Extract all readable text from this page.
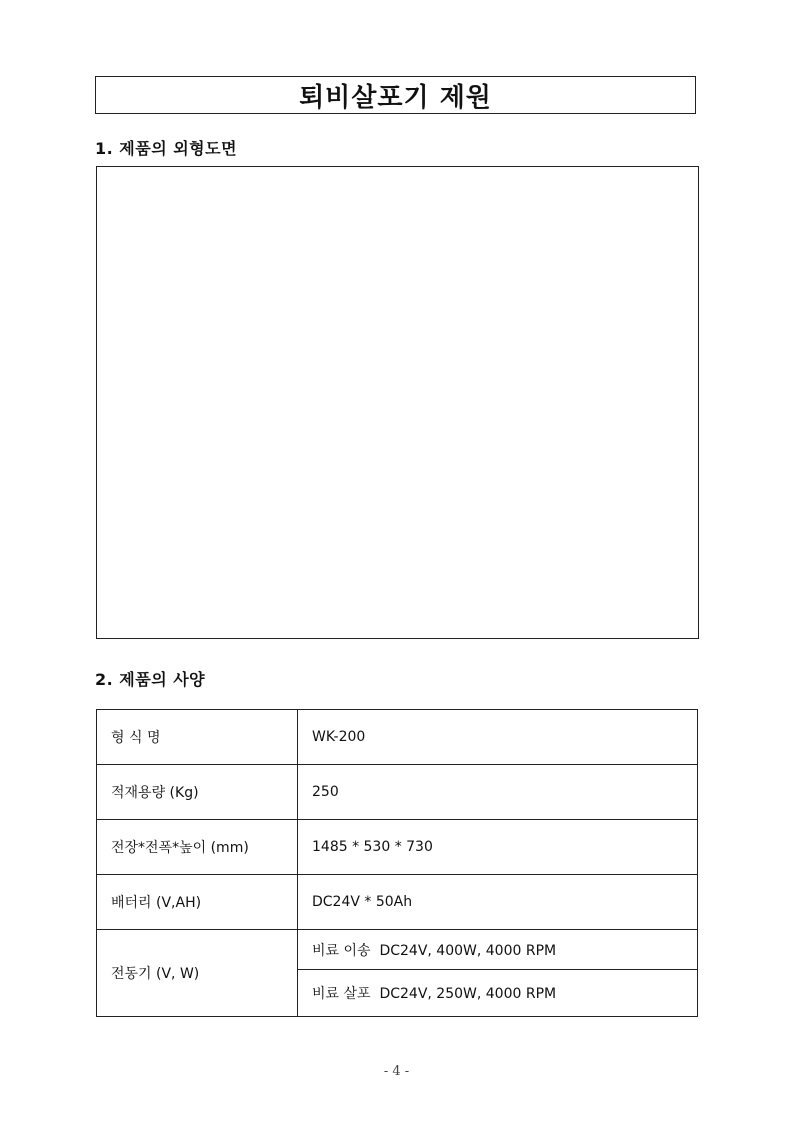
퇴비살포기 제원
1. 제품의 외형도면
2. 제품의 사양
형 식 명	WK-200
적재용량 (Kg)	250
전장*전폭*높이 (mm)	1485 * 530 * 730
배터리 (V,AH)	DC24V * 50Ah
전동기 (V, W)	비료 이송  DC24V, 400W, 4000 RPM
	비료 살포  DC24V, 250W, 4000 RPM
- 4 -
